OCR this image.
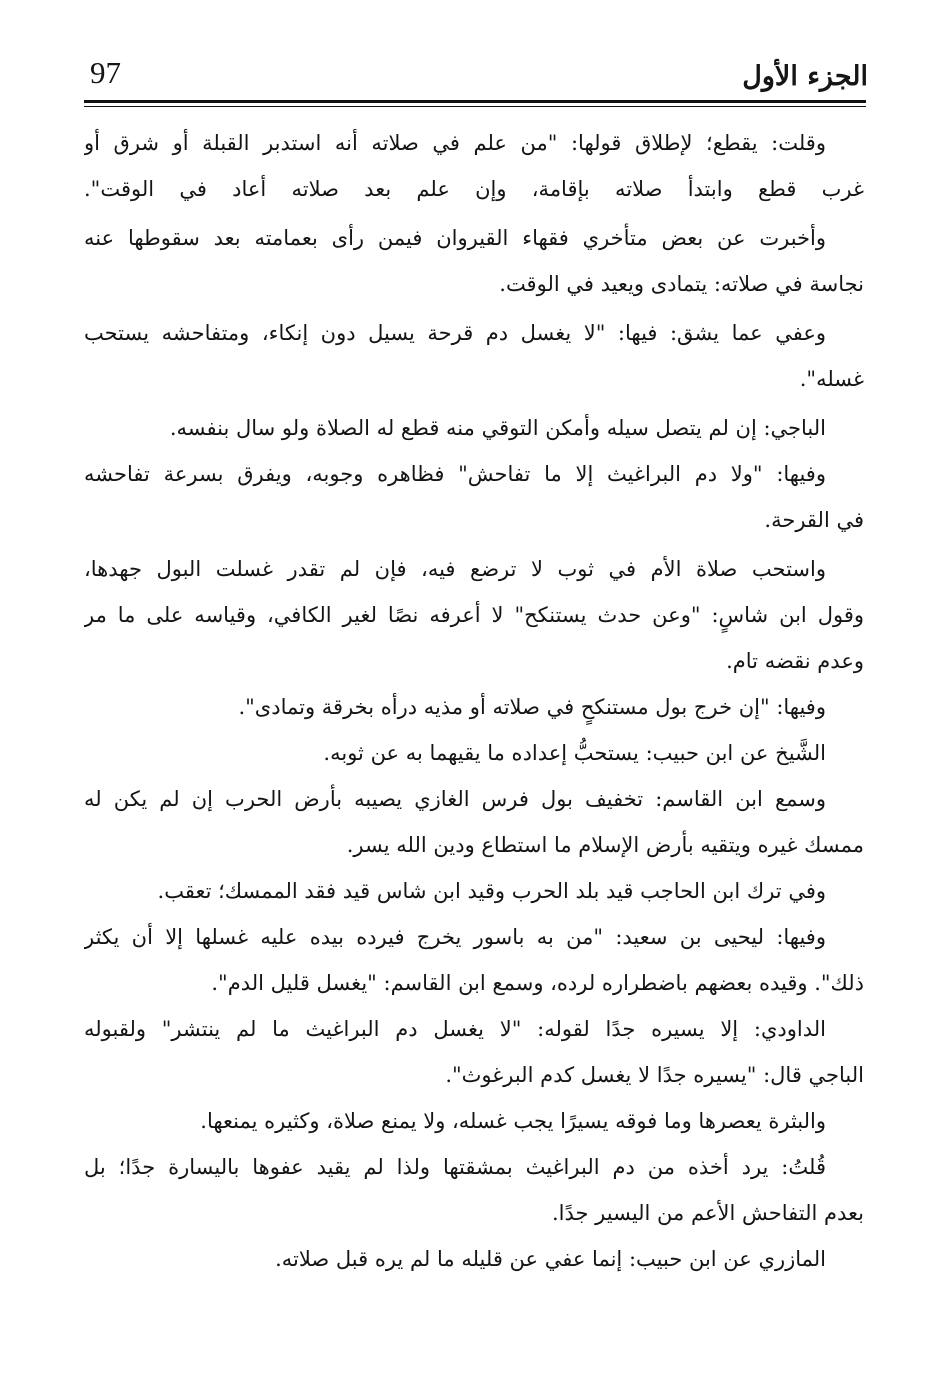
97	الجزء الأول
وقلت: يقطع؛ لإطلاق قولها: "من علم في صلاته أنه استدبر القبلة أو شرق أو
غرب قطع وابتدأ صلاته بإقامة، وإن علم بعد صلاته أعاد في الوقت".
وأخبرت عن بعض متأخري فقهاء القيروان فيمن رأى بعمامته بعد سقوطها عنه
نجاسة في صلاته: يتمادى ويعيد في الوقت.
وعفي عما يشق: فيها: "لا يغسل دم قرحة يسيل دون إنكاء، ومتفاحشه يستحب
غسله".
الباجي: إن لم يتصل سيله وأمكن التوقي منه قطع له الصلاة ولو سال بنفسه.
وفيها: "ولا دم البراغيث إلا ما تفاحش" فظاهره وجوبه، ويفرق بسرعة تفاحشه
في القرحة.
واستحب صلاة الأم في ثوب لا ترضع فيه، فإن لم تقدر غسلت البول جهدها،
وقول ابن شاسٍ: "وعن حدث يستنكح" لا أعرفه نصًا لغير الكافي، وقياسه على ما مر
وعدم نقضه تام.
وفيها: "إن خرج بول مستنكحٍ في صلاته أو مذيه درأه بخرقة وتمادى".
الشَّيخ عن ابن حبيب: يستحبُّ إعداده ما يقيهما به عن ثوبه.
وسمع ابن القاسم: تخفيف بول فرس الغازي يصيبه بأرض الحرب إن لم يكن له
ممسك غيره ويتقيه بأرض الإسلام ما استطاع ودين الله يسر.
وفي ترك ابن الحاجب قيد بلد الحرب وقيد ابن شاس قيد فقد الممسك؛ تعقب.
وفيها: ليحيى بن سعيد: "من به باسور يخرج فيرده بيده عليه غسلها إلا أن يكثر
ذلك". وقيده بعضهم باضطراره لرده، وسمع ابن القاسم: "يغسل قليل الدم".
الداودي: إلا يسيره جدًا لقوله: "لا يغسل دم البراغيث ما لم ينتشر" ولقبوله
الباجي قال: "يسيره جدًا لا يغسل كدم البرغوث".
والبثرة يعصرها وما فوقه يسيرًا يجب غسله، ولا يمنع صلاة، وكثيره يمنعها.
قُلتُ: يرد أخذه من دم البراغيث بمشقتها ولذا لم يقيد عفوها باليسارة جدًا؛ بل
بعدم التفاحش الأعم من اليسير جدًا.
المازري عن ابن حبيب: إنما عفي عن قليله ما لم يره قبل صلاته.
